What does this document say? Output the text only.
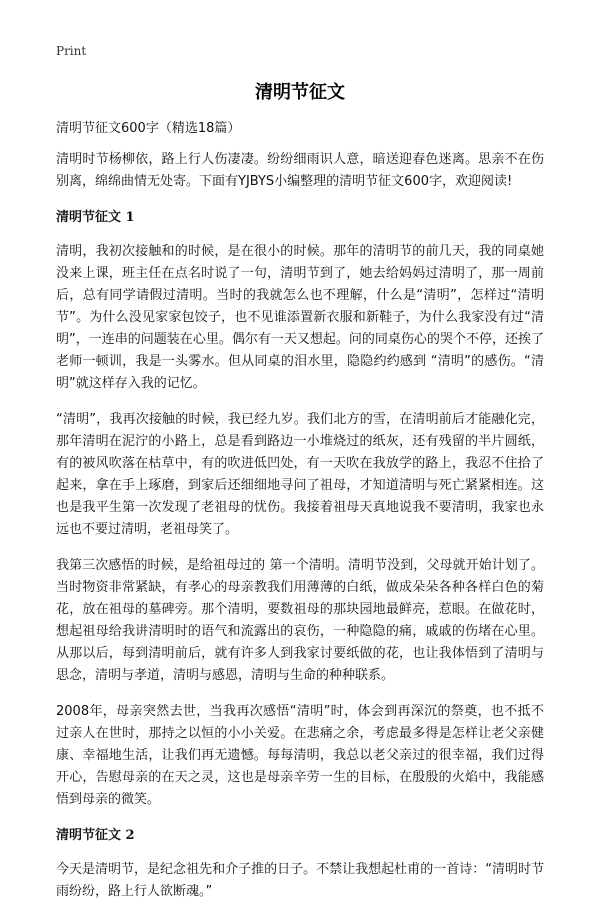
Print
清明节征文
清明节征文600字（精选18篇）

清明时节杨柳依，路上行人伤凄凄。纷纷细雨识人意，暗送迎春色迷离。思亲不在伤别离，绵绵曲情无处寄。下面有YJBYS小编整理的清明节征文600字，欢迎阅读!

清明节征文 1

清明，我初次接触和的时候，是在很小的时候。那年的清明节的前几天，我的同桌她没来上课，班主任在点名时说了一句，清明节到了，她去给妈妈过清明了，那一周前后，总有同学请假过清明。当时的我就怎么也不理解，什么是“清明”，怎样过“清明节”。为什么没见家家包饺子，也不见谁添置新衣服和新鞋子，为什么我家没有过“清明”，一连串的问题装在心里。偶尔有一天又想起。问的同桌伤心的哭个不停，还挨了老师一顿训，我是一头雾水。但从同桌的泪水里，隐隐约约感到 “清明”的感伤。“清明”就这样存入我的记忆。

“清明”，我再次接触的时候，我已经九岁。我们北方的雪，在清明前后才能融化完，那年清明在泥泞的小路上，总是看到路边一小堆烧过的纸灰，还有残留的半片圆纸，有的被风吹落在枯草中，有的吹进低凹处，有一天吹在我放学的路上，我忍不住拾了起来，拿在手上琢磨，到家后还细细地寻问了祖母，才知道清明与死亡紧紧相连。这也是我平生第一次发现了老祖母的忧伤。我接着祖母天真地说我不要清明，我家也永远也不要过清明，老祖母笑了。

我第三次感悟的时候，是给祖母过的 第一个清明。清明节没到，父母就开始计划了。当时物资非常紧缺，有孝心的母亲教我们用薄薄的白纸，做成朵朵各种各样白色的菊花，放在祖母的墓碑旁。那个清明，要数祖母的那块园地最鲜亮，惹眼。在做花时，想起祖母给我讲清明时的语气和流露出的哀伤，一种隐隐的痛，戚戚的伤堵在心里。从那以后，每到清明前后，就有许多人到我家讨要纸做的花，也让我体悟到了清明与思念，清明与孝道，清明与感恩，清明与生命的种种联系。

2008年，母亲突然去世，当我再次感悟“清明”时，体会到再深沉的祭奠，也不抵不过亲人在世时，那持之以恒的小小关爱。在悲痛之余，考虑最多得是怎样让老父亲健康、幸福地生活，让我们再无遗憾。每每清明，我总以老父亲过的很幸福，我们过得开心，告慰母亲的在天之灵，这也是母亲辛劳一生的目标，在殷殷的火焰中，我能感悟到母亲的微笑。

清明节征文 2

今天是清明节，是纪念祖先和介子推的日子。不禁让我想起杜甫的一首诗：“清明时节雨纷纷，路上行人欲断魂。”
